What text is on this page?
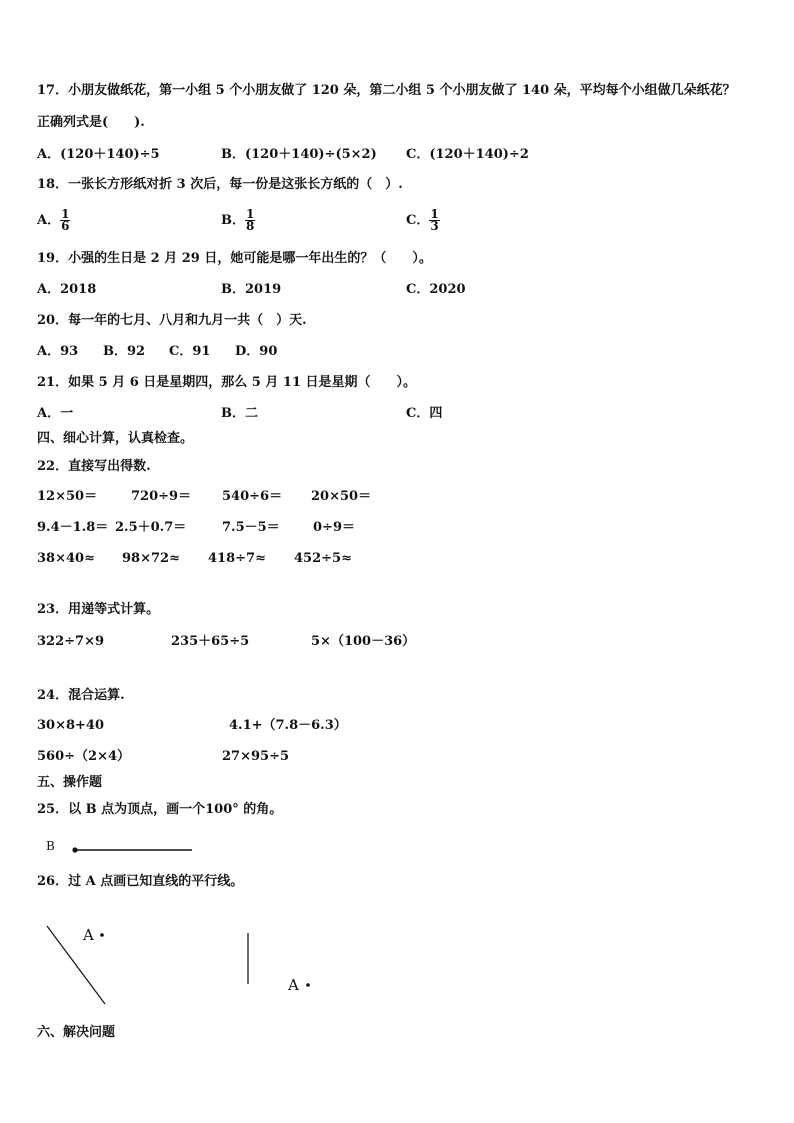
17．小朋友做纸花，第一小组 5 个小朋友做了 120 朵，第二小组 5 个小朋友做了 140 朵，平均每个小组做几朵纸花？
正确列式是(　　).
A．(120＋140)÷5	B．(120＋140)÷(5×2) C．(120＋140)÷2
18．一张长方形纸对折 3 次后，每一份是这张长方纸的（　）.
A． $\frac{1}{6}$	B． $\frac{1}{8}$	C． $\frac{1}{3}$
19．小强的生日是 2 月 29 日，她可能是哪一年出生的？（　　）。
A．2018	B．2019	C．2020
20．每一年的七月、八月和九月一共（　）天.
A．93 B．92 C．91 D．90
21．如果 5 月 6 日是星期四，那么 5 月 11 日是星期（　　）。
A．一	B．二	C．四
四、细心计算，认真检查。
22．直接写出得数.
12×50＝	720÷9＝ 540÷6＝ 20×50＝
9.4－1.8＝ 2.5＋0.7＝	7.5－5＝	0÷9＝
38×40≈ 98×72≈ 418÷7≈ 452÷5≈
23．用递等式计算。
322÷7×9	235＋65÷5	5×（100－36）
24．混合运算.
30×8+40	4.1+（7.8－6.3）
560÷（2×4）	27×95÷5
五、操作题
25．以 B 点为顶点，画一个100° 的角。
B
26．过 A 点画已知直线的平行线。
A
A
六、解决问题
